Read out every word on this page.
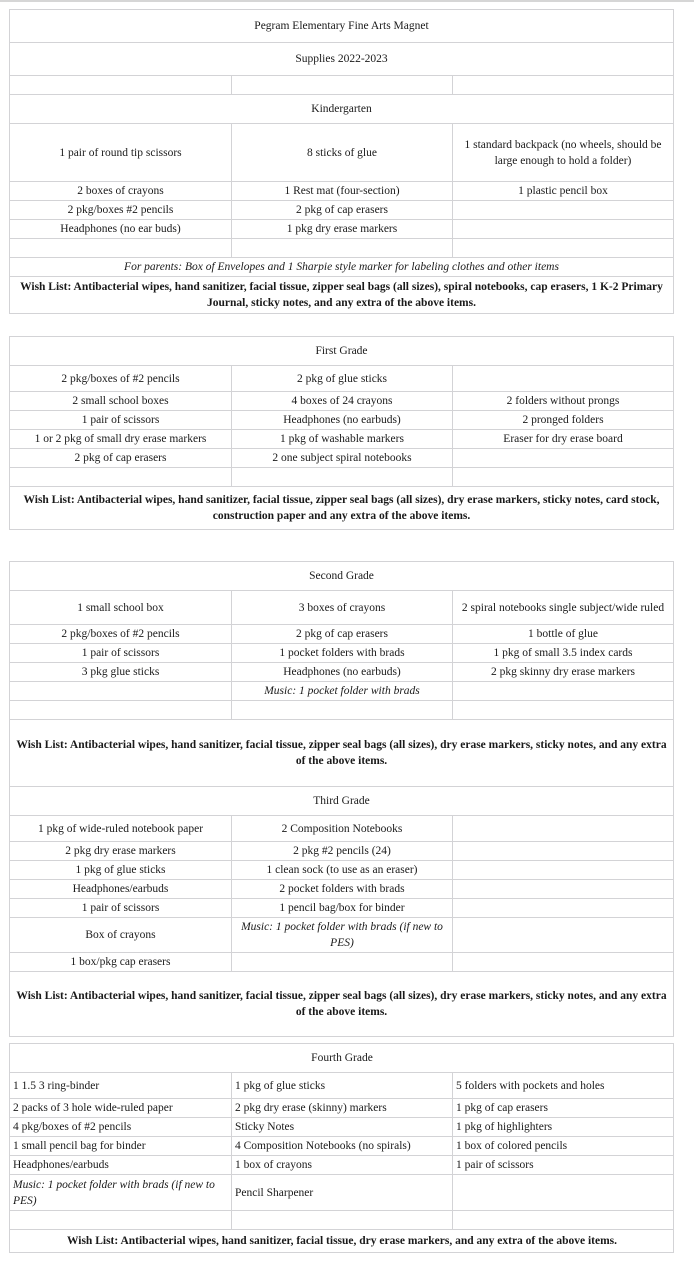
Pegram Elementary Fine Arts Magnet		
Supplies 2022-2023		

Kindergarten		
1 pair of round tip scissors	8 sticks of glue	1 standard backpack (no wheels, should be large enough to hold a folder)
2 boxes of crayons	1 Rest mat (four-section)	1 plastic pencil box
2 pkg/boxes #2 pencils	2 pkg of cap erasers	
Headphones (no ear buds)	1 pkg dry erase markers	

For parents: Box of Envelopes and 1 Sharpie style marker for labeling clothes and other items		
Wish List: Antibacterial wipes, hand sanitizer, facial tissue, zipper seal bags (all sizes), spiral notebooks, cap erasers, 1 K-2 Primary Journal, sticky notes, and any extra of the above items.		
First Grade		
2 pkg/boxes of #2 pencils	2 pkg of glue sticks	
2 small school boxes	4 boxes of 24 crayons	2 folders without prongs
1 pair of scissors	Headphones (no earbuds)	2 pronged folders
1 or 2 pkg of small dry erase markers	1 pkg of washable markers	Eraser for dry erase board
2 pkg of cap erasers	2 one subject spiral notebooks	

Wish List: Antibacterial wipes, hand sanitizer, facial tissue, zipper seal bags (all sizes), dry erase markers, sticky notes, card stock, construction paper and any extra of the above items.		
Second Grade		
1 small school box	3 boxes of crayons	2 spiral notebooks single subject/wide ruled
2 pkg/boxes of #2 pencils	2 pkg of cap erasers	1 bottle of glue
1 pair of scissors	1 pocket folders with brads	1 pkg of small 3.5 index cards
3 pkg glue sticks	Headphones (no earbuds)	2 pkg skinny dry erase markers
	Music: 1 pocket folder with brads	

Wish List: Antibacterial wipes, hand sanitizer, facial tissue, zipper seal bags (all sizes), dry erase markers, sticky notes, and any extra of the above items.		
Third Grade		
1 pkg of wide-ruled notebook paper	2 Composition Notebooks	
2 pkg dry erase markers	2 pkg #2 pencils (24)	
1 pkg of glue sticks	1 clean sock (to use as an eraser)	
Headphones/earbuds	2 pocket folders with brads	
1 pair of scissors	1 pencil bag/box for binder	
Box of crayons	Music: 1 pocket folder with brads (if new to PES)	
1 box/pkg cap erasers		
Wish List: Antibacterial wipes, hand sanitizer, facial tissue, zipper seal bags (all sizes), dry erase markers, sticky notes, and any extra of the above items.		
Fourth Grade		
1 1.5 3 ring-binder	1 pkg of glue sticks	5 folders with pockets and holes
2 packs of 3 hole wide-ruled paper	2 pkg dry erase (skinny) markers	1 pkg of cap erasers
4 pkg/boxes of #2 pencils	Sticky Notes	1 pkg of highlighters
1 small pencil bag for binder	4 Composition Notebooks (no spirals)	1 box of colored pencils
Headphones/earbuds	1 box of crayons	1 pair of scissors
Music: 1 pocket folder with brads (if new to PES)	Pencil Sharpener	

Wish List: Antibacterial wipes, hand sanitizer, facial tissue, dry erase markers, and any extra of the above items.		
